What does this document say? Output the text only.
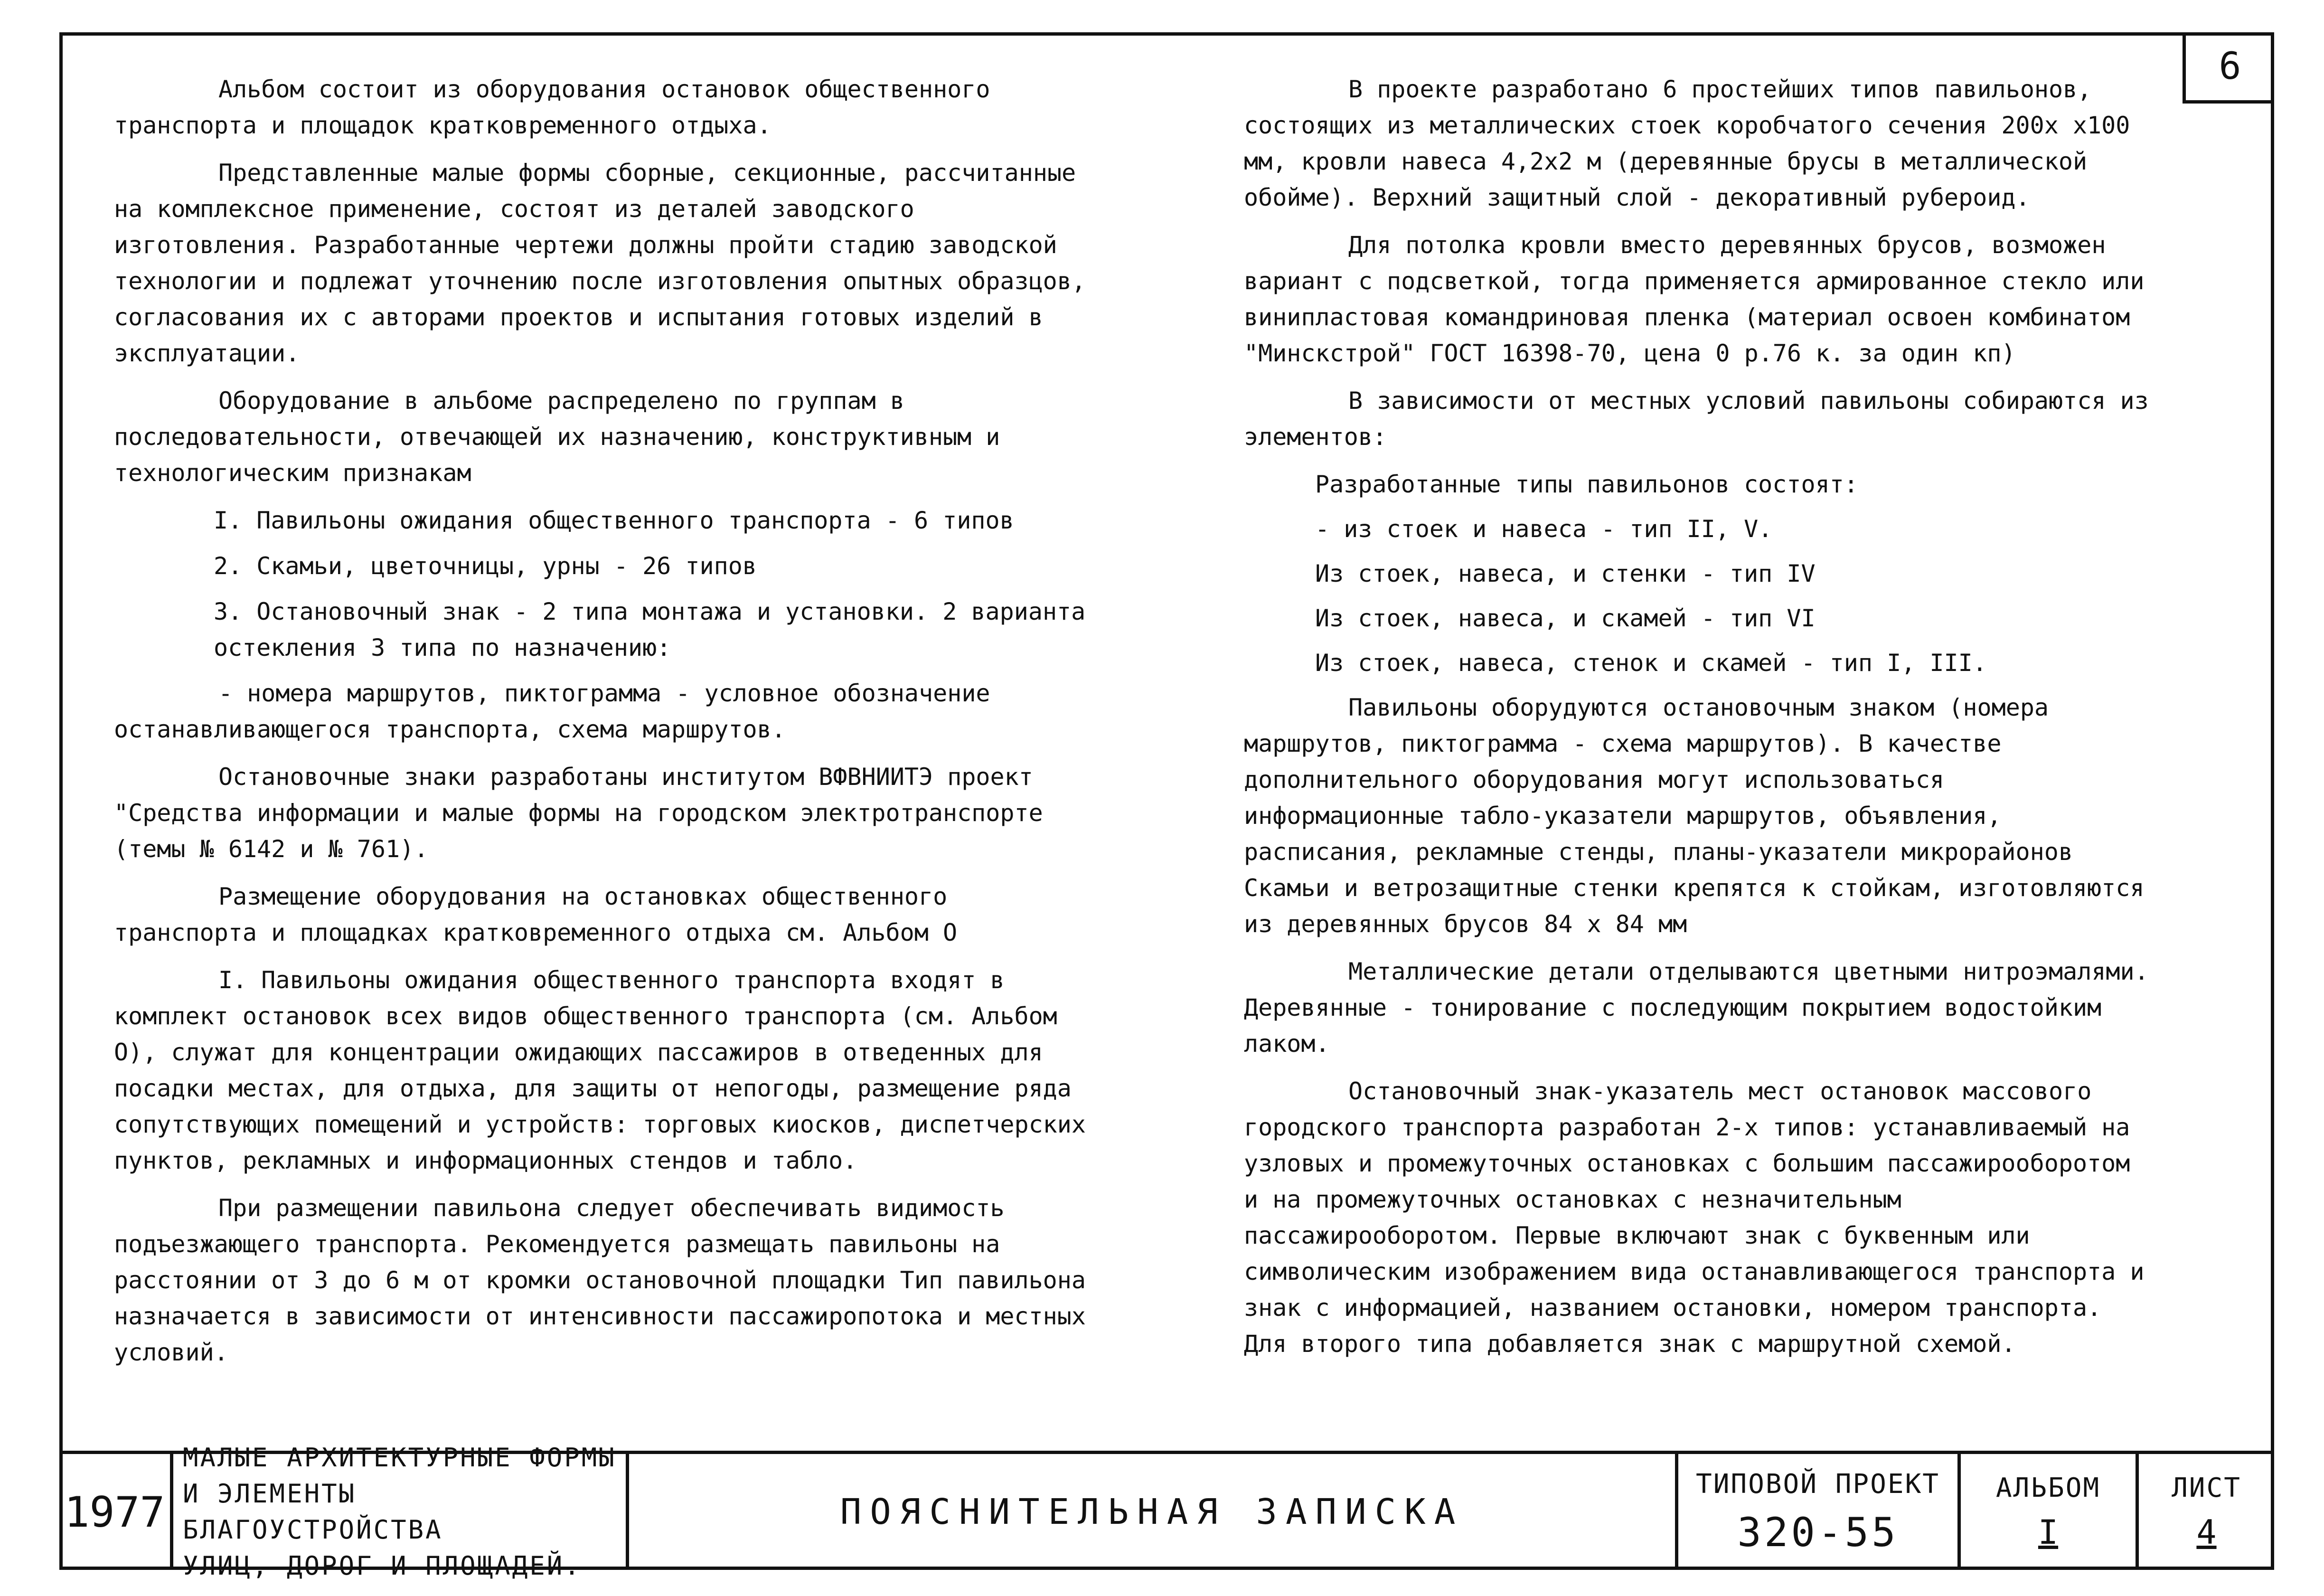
6

Альбом состоит из оборудования остановок общественного транспорта и площадок кратковременного отдыха.

Представленные малые формы сборные, секционные, рассчитанные на комплексное применение, состоят из деталей заводского изготовления. Разработанные чертежи должны пройти стадию заводской технологии и подлежат уточнению после изготовления опытных образцов, согласования их с авторами проектов и испытания готовых изделий в эксплуатации.

Оборудование в альбоме распределено по группам в последовательности, отвечающей их назначению, конструктивным и технологическим признакам

I. Павильоны ожидания общественного транспорта - 6 типов

2. Скамьи, цветочницы, урны - 26 типов

3. Остановочный знак - 2 типа монтажа и установки. 2 варианта остекления 3 типа по назначению:

- номера маршрутов, пиктограмма - условное обозначение останавливающегося транспорта, схема маршрутов.

Остановочные знаки разработаны институтом ВФВНИИТЭ проект "Средства информации и малые формы на городском электротранспорте (темы № 6142 и № 761).

Размещение оборудования на остановках общественного транспорта и площадках кратковременного отдыха см. Альбом О

I. Павильоны ожидания общественного транспорта входят в комплект остановок всех видов общественного транспорта (см. Альбом О), служат для концентрации ожидающих пассажиров в отведенных для посадки местах, для отдыха, для защиты от непогоды, размещение ряда сопутствующих помещений и устройств: торговых киосков, диспетчерских пунктов, рекламных и информационных стендов и табло.

При размещении павильона следует обеспечивать видимость подъезжающего транспорта. Рекомендуется размещать павильоны на расстоянии от 3 до 6 м от кромки остановочной площадки Тип павильона назначается в зависимости от интенсивности пассажиропотока и местных условий.

В проекте разработано 6 простейших типов павильонов, состоящих из металлических стоек коробчатого сечения 200х х100 мм, кровли навеса 4,2х2 м (деревянные брусы в металлической обойме). Верхний защитный слой - декоративный рубероид.

Для потолка кровли вместо деревянных брусов, возможен вариант с подсветкой, тогда применяется армированное стекло или винипластовая командриновая пленка (материал освоен комбинатом "Минскстрой" ГОСТ 16398-70, цена 0 р.76 к. за один кп)

В зависимости от местных условий павильоны собираются из элементов:

Разработанные типы павильонов состоят:

- из стоек и навеса - тип II, V.

Из стоек, навеса, и стенки - тип IV

Из стоек, навеса, и скамей - тип VI

Из стоек, навеса, стенок и скамей - тип I, III.

Павильоны оборудуются остановочным знаком (номера маршрутов, пиктограмма - схема маршрутов). В качестве дополнительного оборудования могут использоваться информационные табло-указатели маршрутов, объявления, расписания, рекламные стенды, планы-указатели микрорайонов

Скамьи и ветрозащитные стенки крепятся к стойкам, изготовляются из деревянных брусов 84 х 84 мм

Металлические детали отделываются цветными нитроэмалями. Деревянные - тонирование с последующим покрытием водостойким лаком.

Остановочный знак-указатель мест остановок массового городского транспорта разработан 2-х типов: устанавливаемый на узловых и промежуточных остановках с большим пассажирооборотом и на промежуточных остановках с незначительным пассажирооборотом. Первые включают знак с буквенным или символическим изображением вида останавливающегося транспорта и знак с информацией, названием остановки, номером транспорта. Для второго типа добавляется знак с маршрутной схемой.

1977
МАЛЫЕ АРХИТЕКТУРНЫЕ ФОРМЫ
И ЭЛЕМЕНТЫ БЛАГОУСТРОЙСТВА
УЛИЦ, ДОРОГ И ПЛОЩАДЕЙ.
ПОЯСНИТЕЛЬНАЯ ЗАПИСКА
ТИПОВОЙ ПРОЕКТ
320-55
АЛЬБОМ
I
ЛИСТ
4
